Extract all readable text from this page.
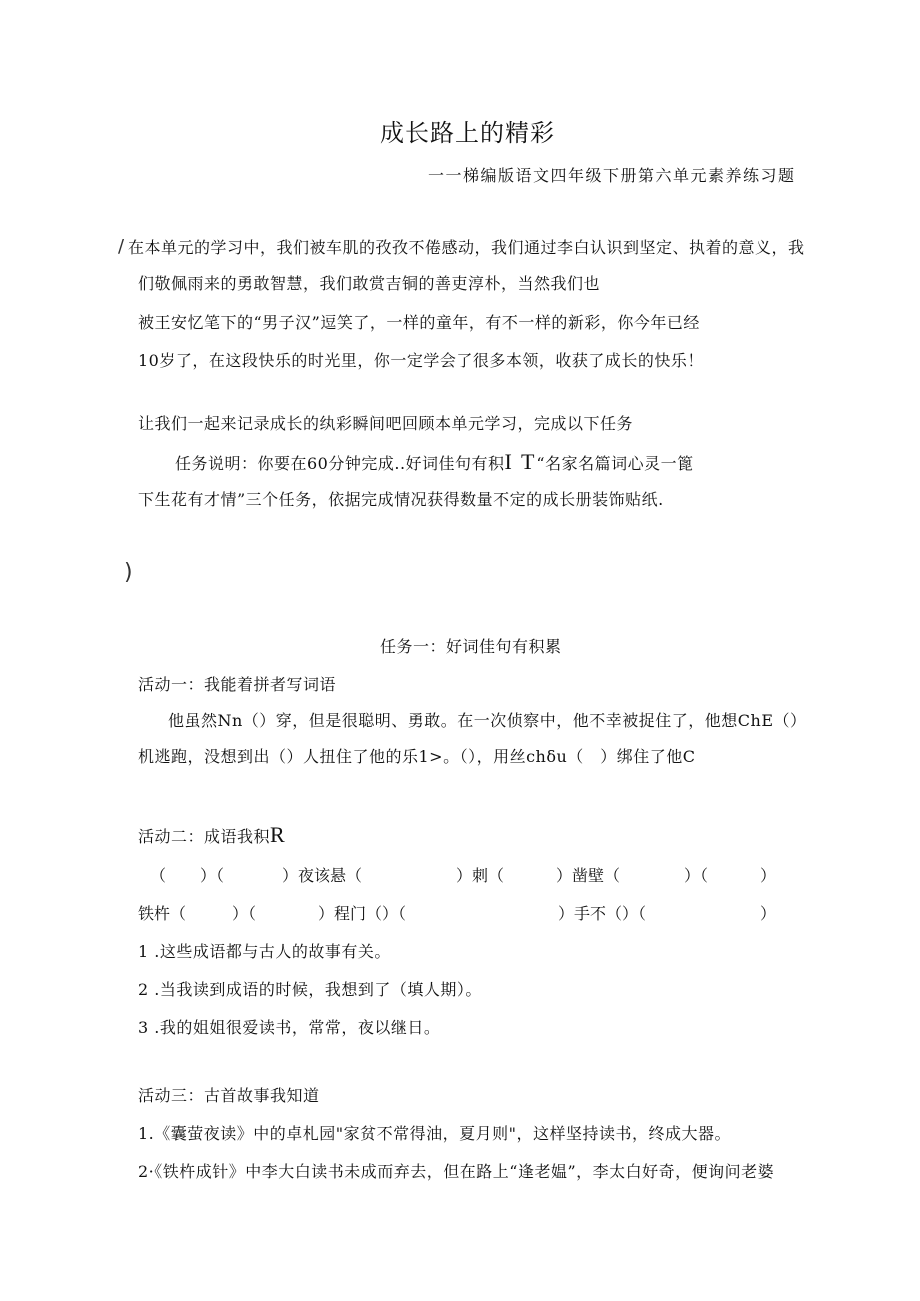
成长路上的精彩
一一梯编版语文四年级下册第六单元素养练习题
/ 在本单元的学习中，我们被车肌的孜孜不倦感动，我们通过李白认识到坚定、执着的意义，我
们敬佩雨来的勇敢智慧，我们敢赏吉铜的善吏淳朴，当然我们也
被王安忆笔下的“男子汉”逗笑了，一样的童年，有不一样的新彩，你今年已经
10岁了，在这段快乐的时光里，你一定学会了很多本领，收获了成长的快乐！
让我们一起来记录成长的纨彩瞬间吧回顾本单元学习，完成以下任务
任务说明：你要在60分钟完成..好词佳句有积I T“名家名篇词心灵一篦
下生花有才情”三个任务，依据完成情况获得数量不定的成长册装饰贴纸.
)
任务一：好词佳句有积累
活动一：我能着拼者写词语
他虽然Nn（）穿，但是很聪明、勇敢。在一次侦察中，他不幸被捉住了，他想ChE（）
机逃跑，没想到出（）人扭住了他的乐1>。（），用丝chδu（　）绑住了他C
活动二：成语我积R
（ ）（	）夜该悬（	）刺（	）凿壁（	）（	）
铁杵（	）（	）程门（）（	）手不（）（	）
1 .这些成语都与古人的故事有关。
2 .当我读到成语的时候，我想到了（填人期）。
3 .我的姐姐很爱读书，常常，夜以继日。
活动三：古首故事我知道
1.《囊萤夜读》中的卓札园"家贫不常得油，夏月则"，这样坚持读书，终成大器。
2·《铁杵成针》中李大白读书未成而弃去，但在路上“逢老媪”，李太白好奇，便询问老婆
